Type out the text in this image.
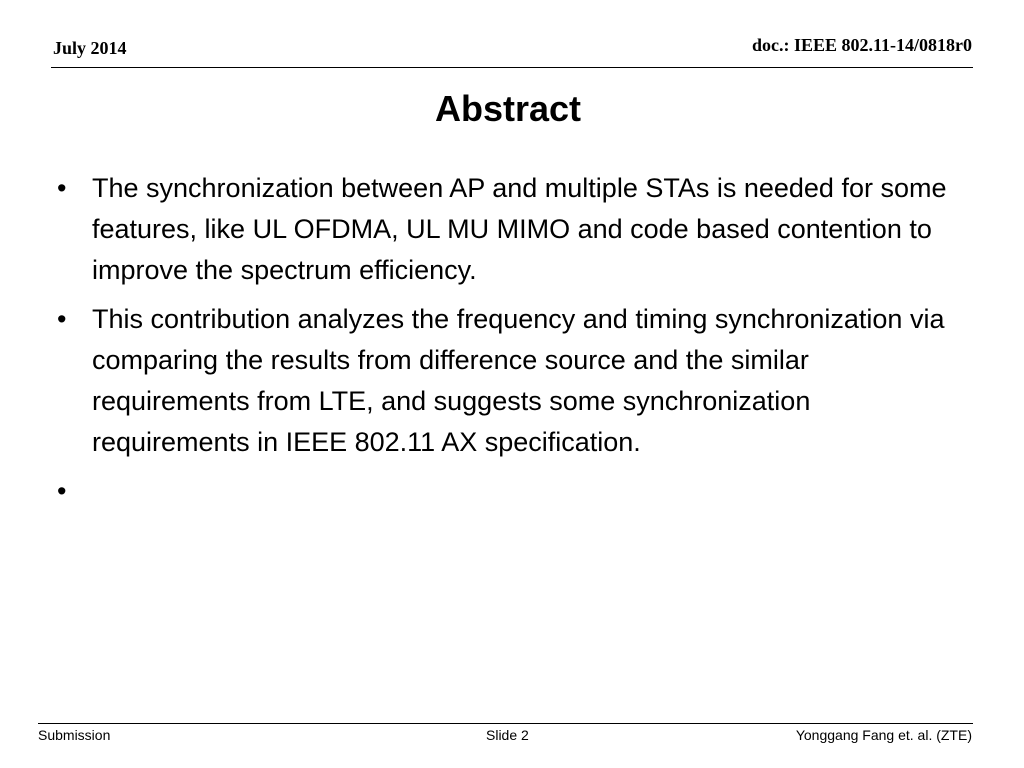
July 2014	doc.: IEEE 802.11-14/0818r0
Abstract
• The synchronization between AP and multiple STAs is needed for some features, like UL OFDMA, UL MU MIMO and code based contention to improve the spectrum efficiency.
• This contribution analyzes the frequency and timing synchronization via comparing the results from difference source and the similar requirements from LTE, and suggests some synchronization requirements in IEEE 802.11 AX specification.
•

Submission	Slide 2	Yonggang Fang et. al. (ZTE)
